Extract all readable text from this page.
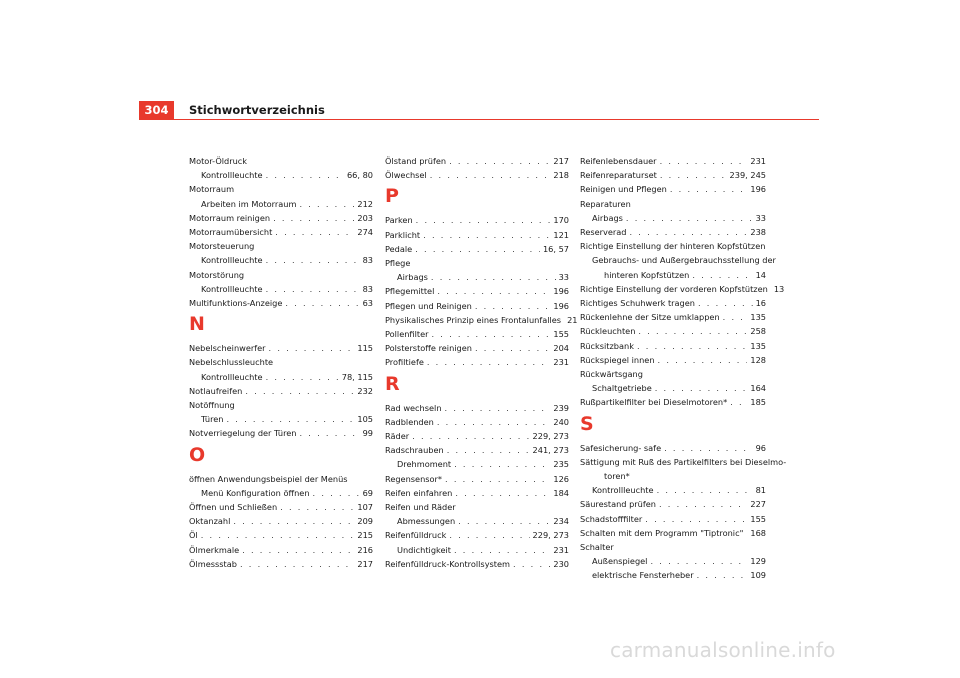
304	Stichwortverzeichnis
Motor-Öldruck
Kontrollleuchte . . .	66, 80
Motorraum
Arbeiten im Motorraum . . .	212
Motorraum reinigen . . .	203
Motorraumübersicht . . .	274
Motorsteuerung
Kontrollleuchte . . .	83
Motorstörung
Kontrollleuchte . . .	83
Multifunktions-Anzeige . . .	63
N
Nebelscheinwerfer . . .	115
Nebelschlussleuchte
Kontrollleuchte . . .	78, 115
Notlaufreifen . . .	232
Notöffnung
Türen . . .	105
Notverriegelung der Türen . . .	99
O
öffnen Anwendungsbeispiel der Menüs
Menü Konfiguration öffnen . . .	69
Öffnen und Schließen . . .	107
Oktanzahl . . .	209
Öl . . .	215
Ölmerkmale . . .	216
Ölmessstab . . .	217
Ölstand prüfen . . .	217
Ölwechsel . . .	218
P
Parken . . .	170
Parklicht . . .	121
Pedale . . .	16, 57
Pflege
Airbags . . .	33
Pflegemittel . . .	196
Pflegen und Reinigen . . .	196
Physikalisches Prinzip eines Frontalunfalles 21
Pollenfilter . . .	155
Polsterstoffe reinigen . . .	204
Profiltiefe . . .	231
R
Rad wechseln . . .	239
Radblenden . . .	240
Räder . . .	229, 273
Radschrauben . . .	241, 273
Drehmoment . . .	235
Regensensor* . . .	126
Reifen einfahren . . .	184
Reifen und Räder
Abmessungen . . .	234
Reifenfülldruck . . .	229, 273
Undichtigkeit . . .	231
Reifenfülldruck-Kontrollsystem . . .	230
Reifenlebensdauer . . .	231
Reifenreparaturset . . .	239, 245
Reinigen und Pflegen . . .	196
Reparaturen
Airbags . . .	33
Reserverad . . .	238
Richtige Einstellung der hinteren Kopfstützen
Gebrauchs- und Außergebrauchsstellung der
hinteren Kopfstützen . . .	14
Richtige Einstellung der vorderen Kopfstützen 13
Richtiges Schuhwerk tragen . . .	16
Rückenlehne der Sitze umklappen . . .	135
Rückleuchten . . .	258
Rücksitzbank . . .	135
Rückspiegel innen . . .	128
Rückwärtsgang
Schaltgetriebe . . .	164
Rußpartikelfilter bei Dieselmotoren* . . .	185
S
Safesicherung- safe . . .	96
Sättigung mit Ruß des Partikelfilters bei Dieselmo-
toren*
Kontrollleuchte . . .	81
Säurestand prüfen . . .	227
Schadstofffilter . . .	155
Schalten mit dem Programm "Tiptronic" . . . 168
Schalter
Außenspiegel . . .	129
elektrische Fensterheber . . .	109
carmanualsonline.info
